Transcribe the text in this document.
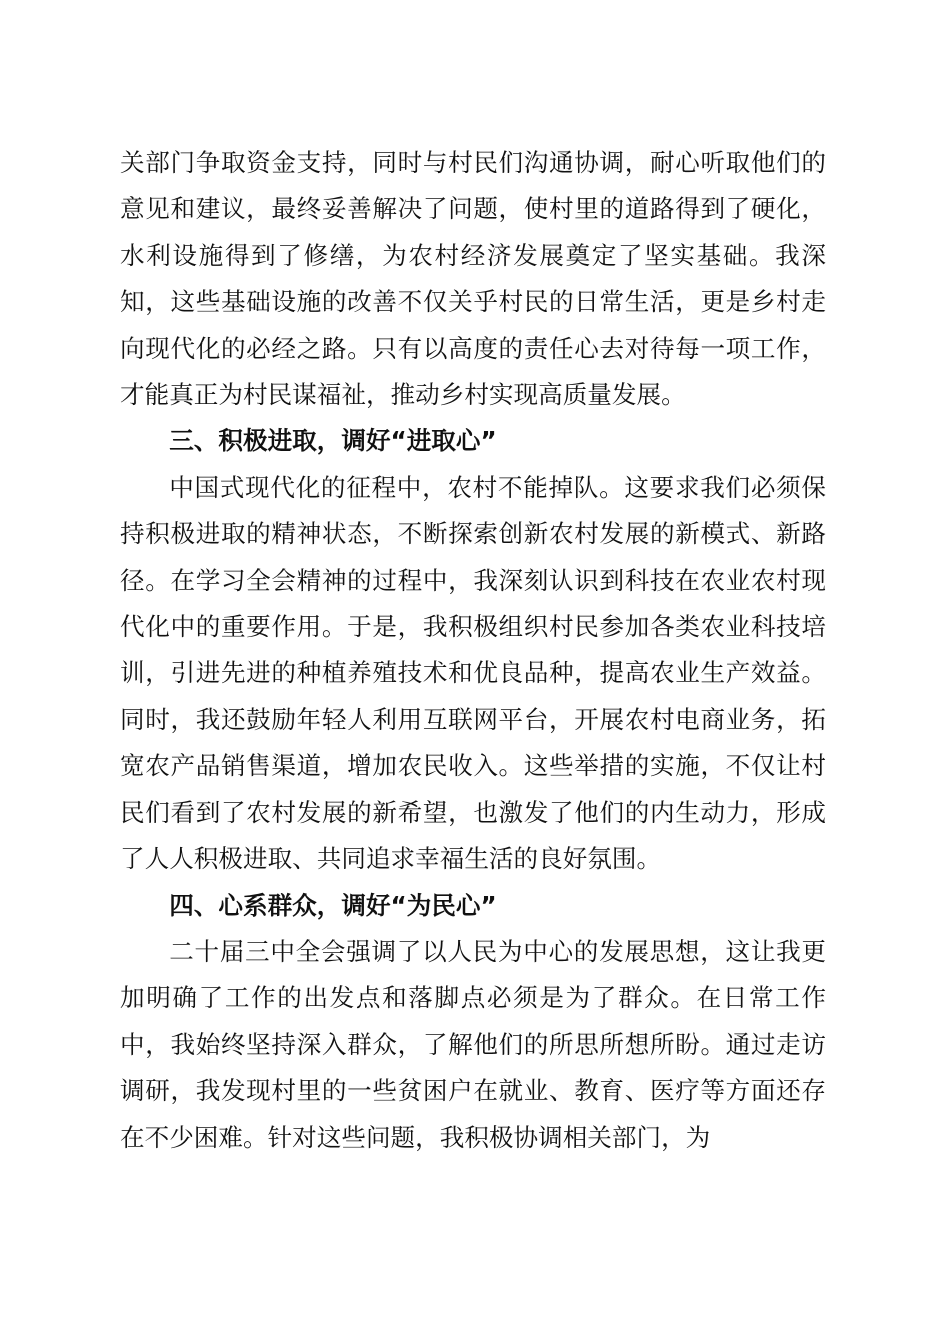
关部门争取资金支持，同时与村民们沟通协调，耐心听取他们的意见和建议，最终妥善解决了问题，使村里的道路得到了硬化，水利设施得到了修缮，为农村经济发展奠定了坚实基础。我深知，这些基础设施的改善不仅关乎村民的日常生活，更是乡村走向现代化的必经之路。只有以高度的责任心去对待每一项工作，才能真正为村民谋福祉，推动乡村实现高质量发展。

三、积极进取，调好“进取心”

中国式现代化的征程中，农村不能掉队。这要求我们必须保持积极进取的精神状态，不断探索创新农村发展的新模式、新路径。在学习全会精神的过程中，我深刻认识到科技在农业农村现代化中的重要作用。于是，我积极组织村民参加各类农业科技培训，引进先进的种植养殖技术和优良品种，提高农业生产效益。同时，我还鼓励年轻人利用互联网平台，开展农村电商业务，拓宽农产品销售渠道，增加农民收入。这些举措的实施，不仅让村民们看到了农村发展的新希望，也激发了他们的内生动力，形成了人人积极进取、共同追求幸福生活的良好氛围。

四、心系群众，调好“为民心”

二十届三中全会强调了以人民为中心的发展思想，这让我更加明确了工作的出发点和落脚点必须是为了群众。在日常工作中，我始终坚持深入群众，了解他们的所思所想所盼。通过走访调研，我发现村里的一些贫困户在就业、教育、医疗等方面还存在不少困难。针对这些问题，我积极协调相关部门，为
